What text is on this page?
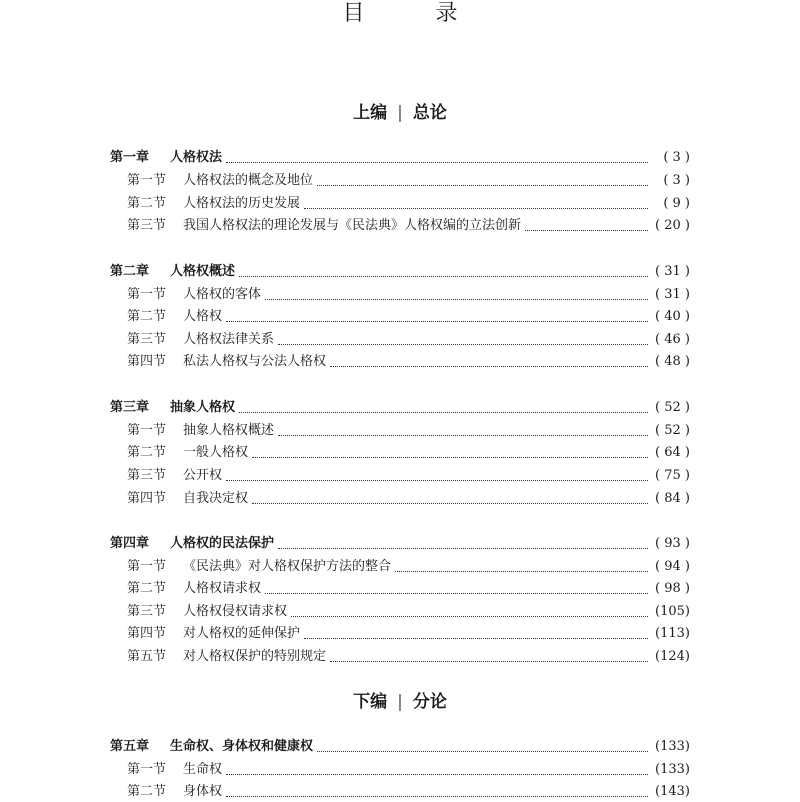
目 录
上编 | 总论
下编 | 分论
第一章	人格权法	( 3 )
第一节	人格权法的概念及地位	( 3 )
第二节	人格权法的历史发展	( 9 )
第三节	我国人格权法的理论发展与《民法典》人格权编的立法创新	( 20 )
第二章	人格权概述	( 31 )
第一节	人格权的客体	( 31 )
第二节	人格权	( 40 )
第三节	人格权法律关系	( 46 )
第四节	私法人格权与公法人格权	( 48 )
第三章	抽象人格权	( 52 )
第一节	抽象人格权概述	( 52 )
第二节	一般人格权	( 64 )
第三节	公开权	( 75 )
第四节	自我决定权	( 84 )
第四章	人格权的民法保护	( 93 )
第一节	《民法典》对人格权保护方法的整合	( 94 )
第二节	人格权请求权	( 98 )
第三节	人格权侵权请求权	(105)
第四节	对人格权的延伸保护	(113)
第五节	对人格权保护的特别规定	(124)
第五章	生命权、身体权和健康权	(133)
第一节	生命权	(133)
第二节	身体权	(143)
